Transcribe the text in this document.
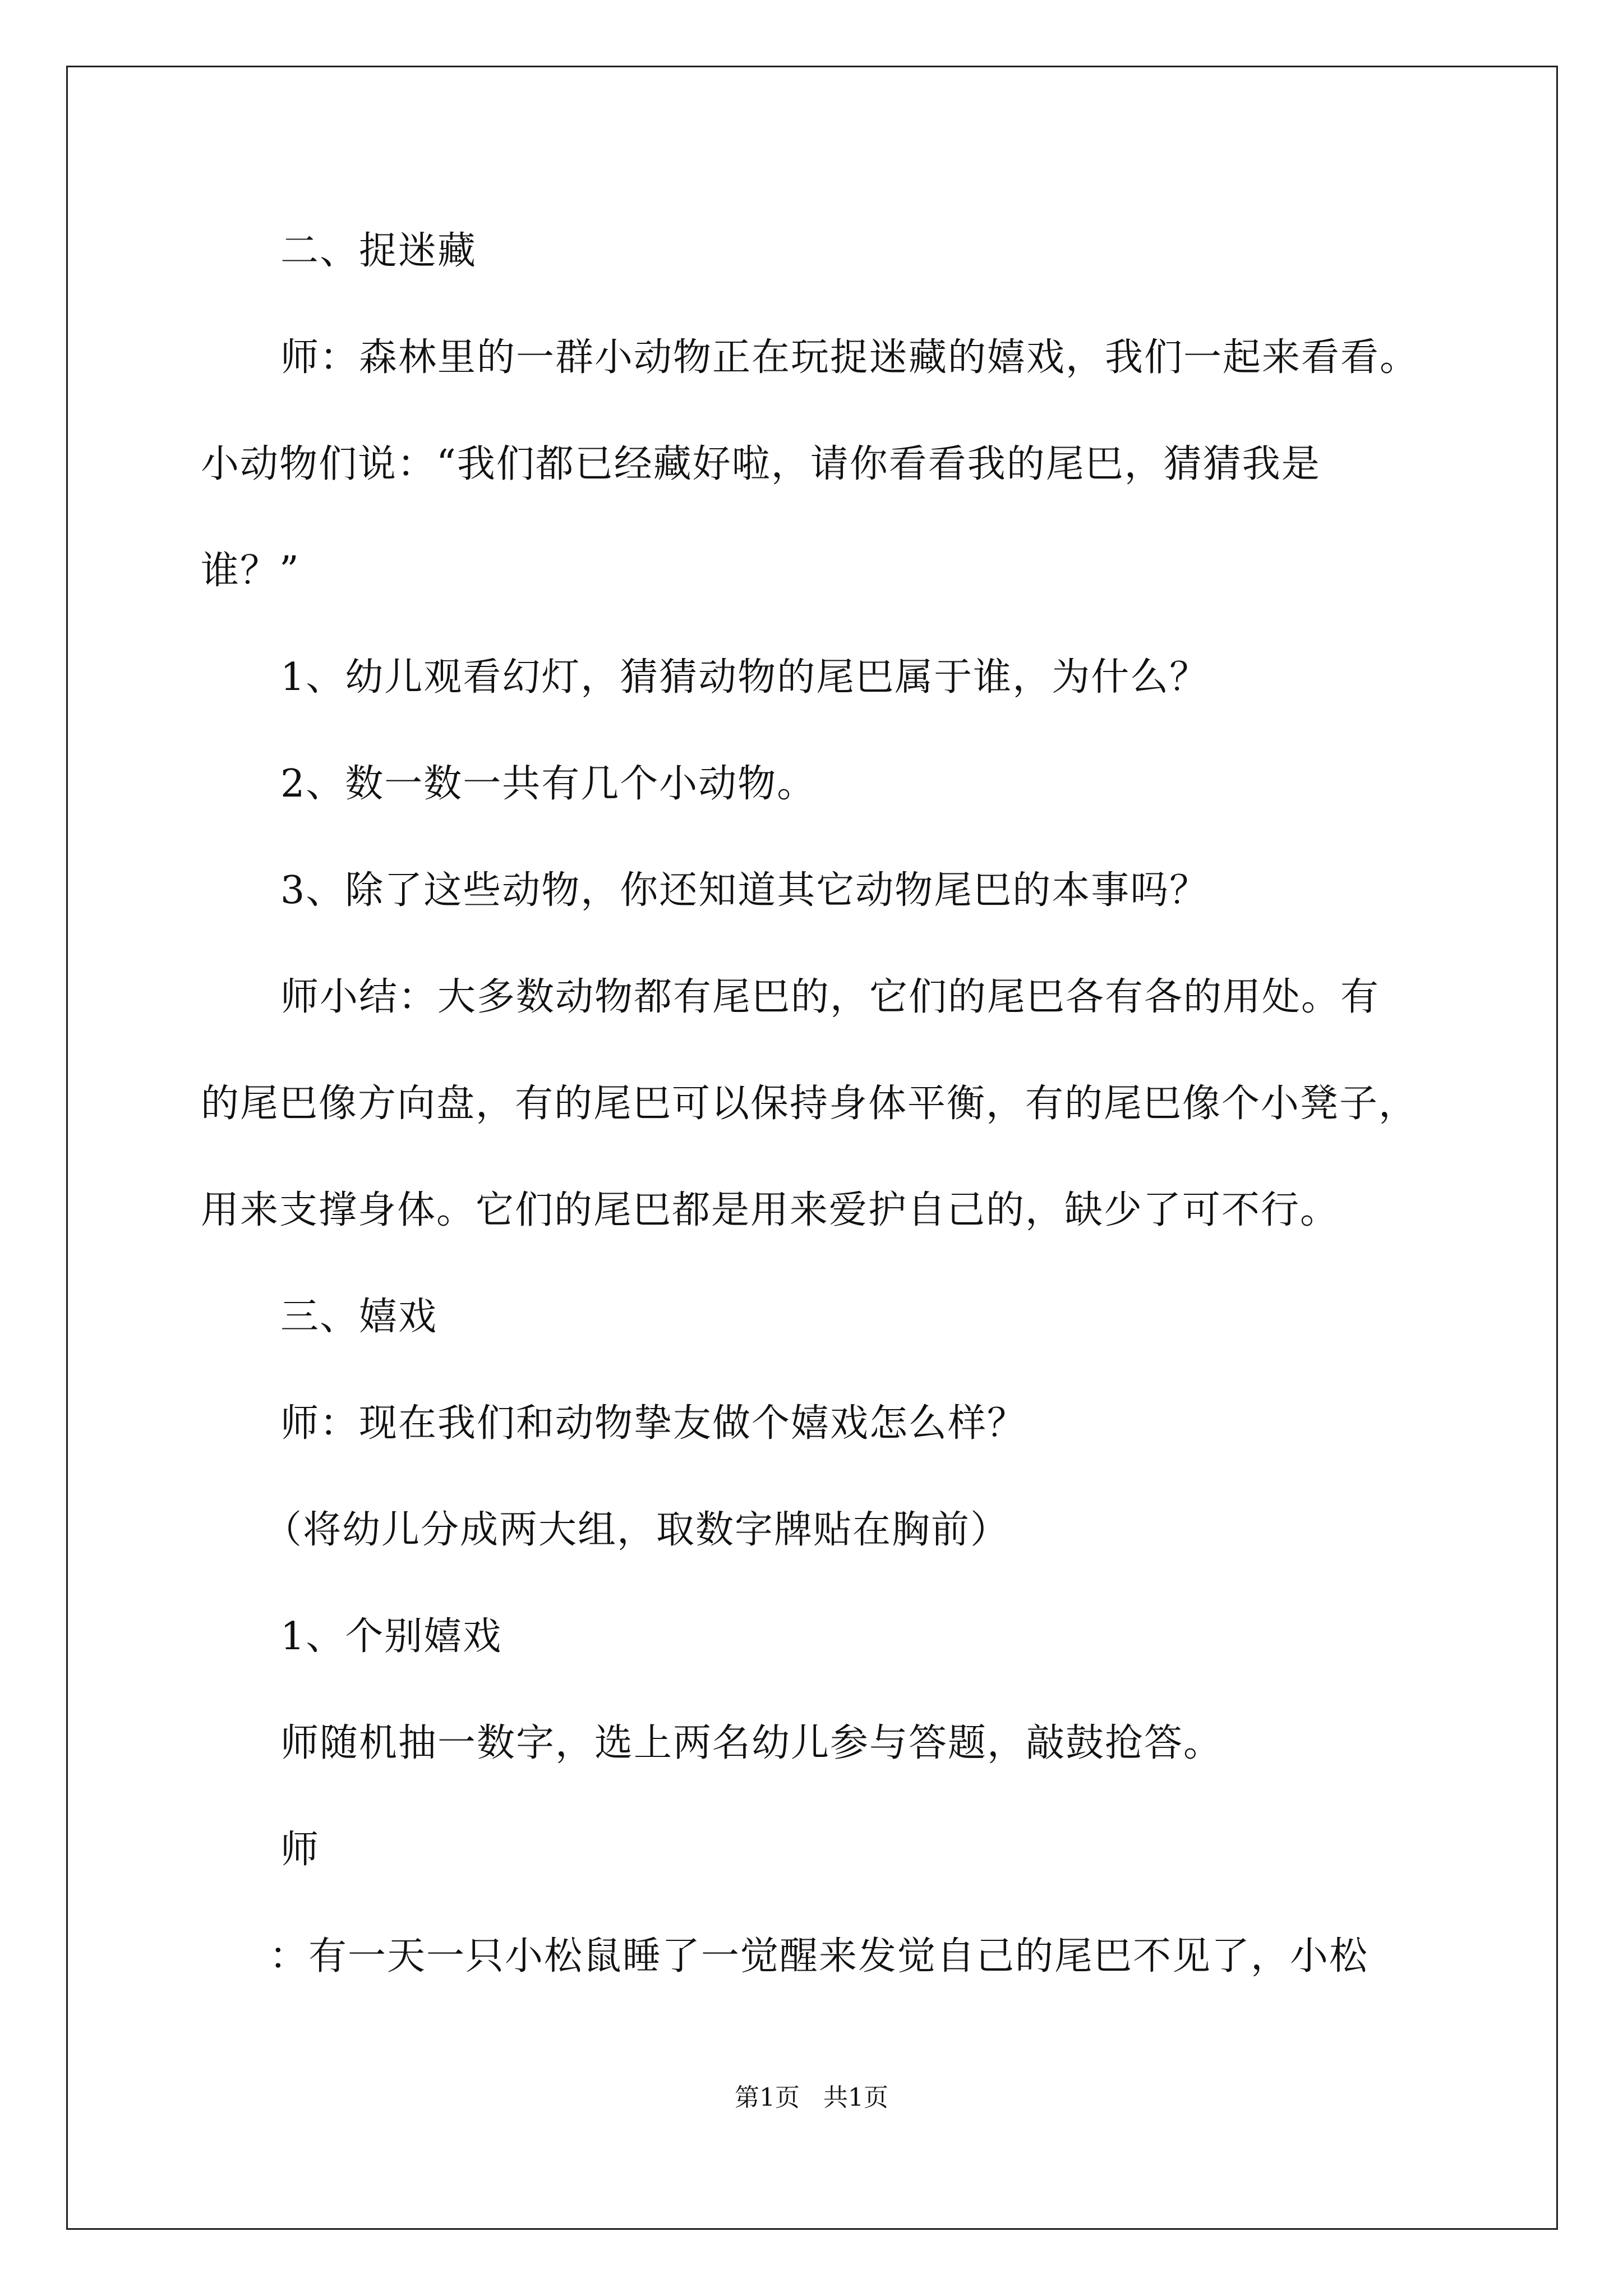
二、捉迷藏
师：森林里的一群小动物正在玩捉迷藏的嬉戏，我们一起来看看。
小动物们说：“我们都已经藏好啦，请你看看我的尾巴，猜猜我是
谁？”
1、幼儿观看幻灯，猜猜动物的尾巴属于谁，为什么？
2、数一数一共有几个小动物。
3、除了这些动物，你还知道其它动物尾巴的本事吗？
师小结：大多数动物都有尾巴的，它们的尾巴各有各的用处。有
的尾巴像方向盘，有的尾巴可以保持身体平衡，有的尾巴像个小凳子，
用来支撑身体。它们的尾巴都是用来爱护自己的，缺少了可不行。
三、嬉戏
师：现在我们和动物挚友做个嬉戏怎么样？
（将幼儿分成两大组，取数字牌贴在胸前）
1、个别嬉戏
师随机抽一数字，选上两名幼儿参与答题，敲鼓抢答。
师
：有一天一只小松鼠睡了一觉醒来发觉自己的尾巴不见了，小松
第1页 共1页
